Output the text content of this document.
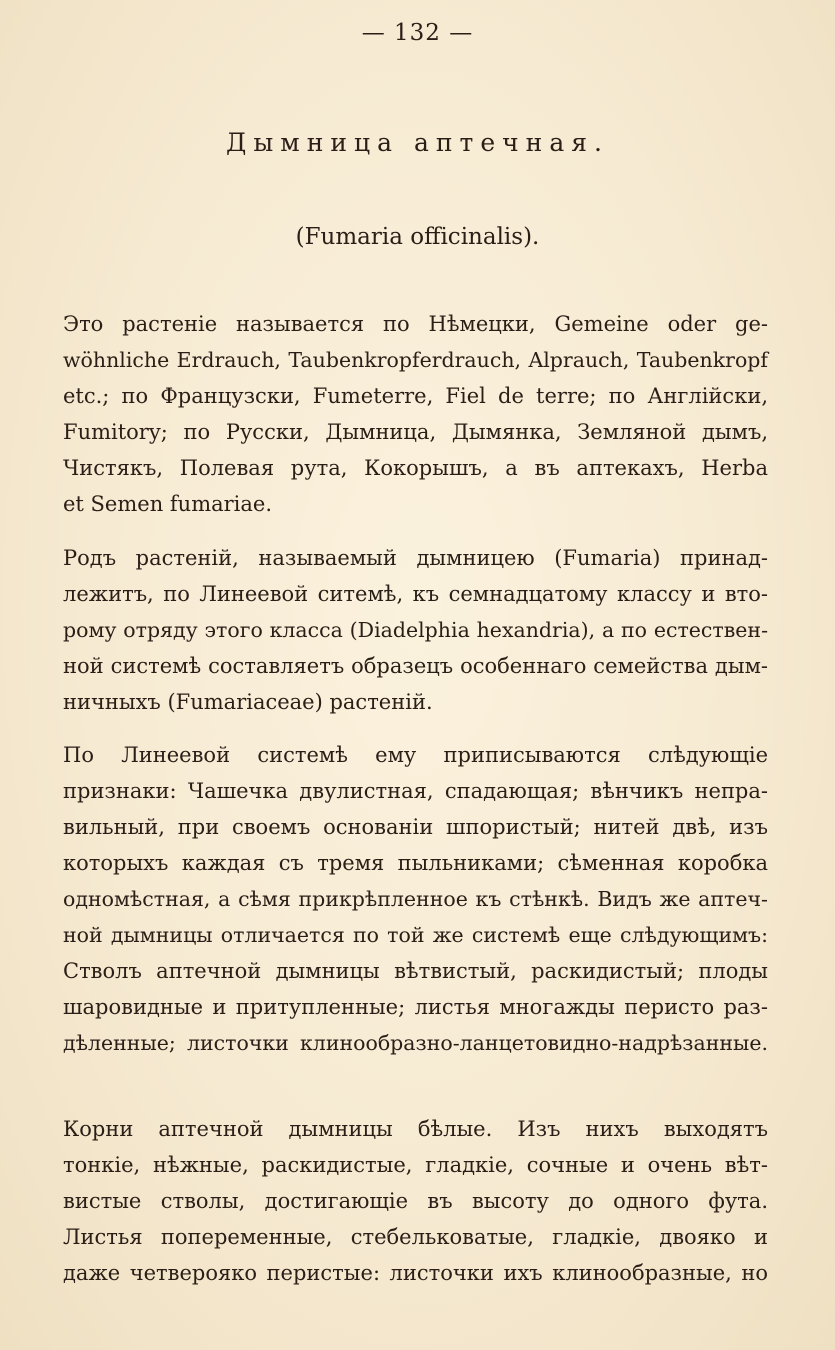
— 132 —
Дымница аптечная.
(Fumaria officinalis).
Это растеніе называется по Нѣмецки, Gemeine oder ge-
wöhnliche Erdrauch, Taubenkropferdrauch, Alprauch, Taubenkropf
etc.; по Французски, Fumeterre, Fiel de terre; по Англійски,
Fumitory; по Русски, Дымница, Дымянка, Земляной дымъ,
Чистякъ, Полевая рута, Кокорышъ, а въ аптекахъ, Herba
et Semen fumariae.
Родъ растеній, называемый дымницею (Fumaria) принад-
лежитъ, по Линеевой ситемѣ, къ семнадцатому классу и вто-
рому отряду этого класса (Diadelphia hexandria), а по естествен-
ной системѣ составляетъ образецъ особеннаго семейства дым-
ничныхъ (Fumariaceae) растеній.
По Линеевой системѣ ему приписываются слѣдующіе
признаки: Чашечка двулистная, спадающая; вѣнчикъ непра-
вильный, при своемъ основаніи шпористый; нитей двѣ, изъ
которыхъ каждая съ тремя пыльниками; сѣменная коробка
одномѣстная, а сѣмя прикрѣпленное къ стѣнкѣ. Видъ же аптеч-
ной дымницы отличается по той же системѣ еще слѣдующимъ:
Стволъ аптечной дымницы вѣтвистый, раскидистый; плоды
шаровидные и притупленные; листья многажды перисто раз-
дѣленные; листочки клинообразно-ланцетовидно-надрѣзанные.
Корни аптечной дымницы бѣлые. Изъ нихъ выходятъ
тонкіе, нѣжные, раскидистые, гладкіе, сочные и очень вѣт-
вистые стволы, достигающіе въ высоту до одного фута.
Листья попеременные, стебельковатые, гладкіе, двояко и
даже четвероякo перистые: листочки ихъ клинообразные, но
